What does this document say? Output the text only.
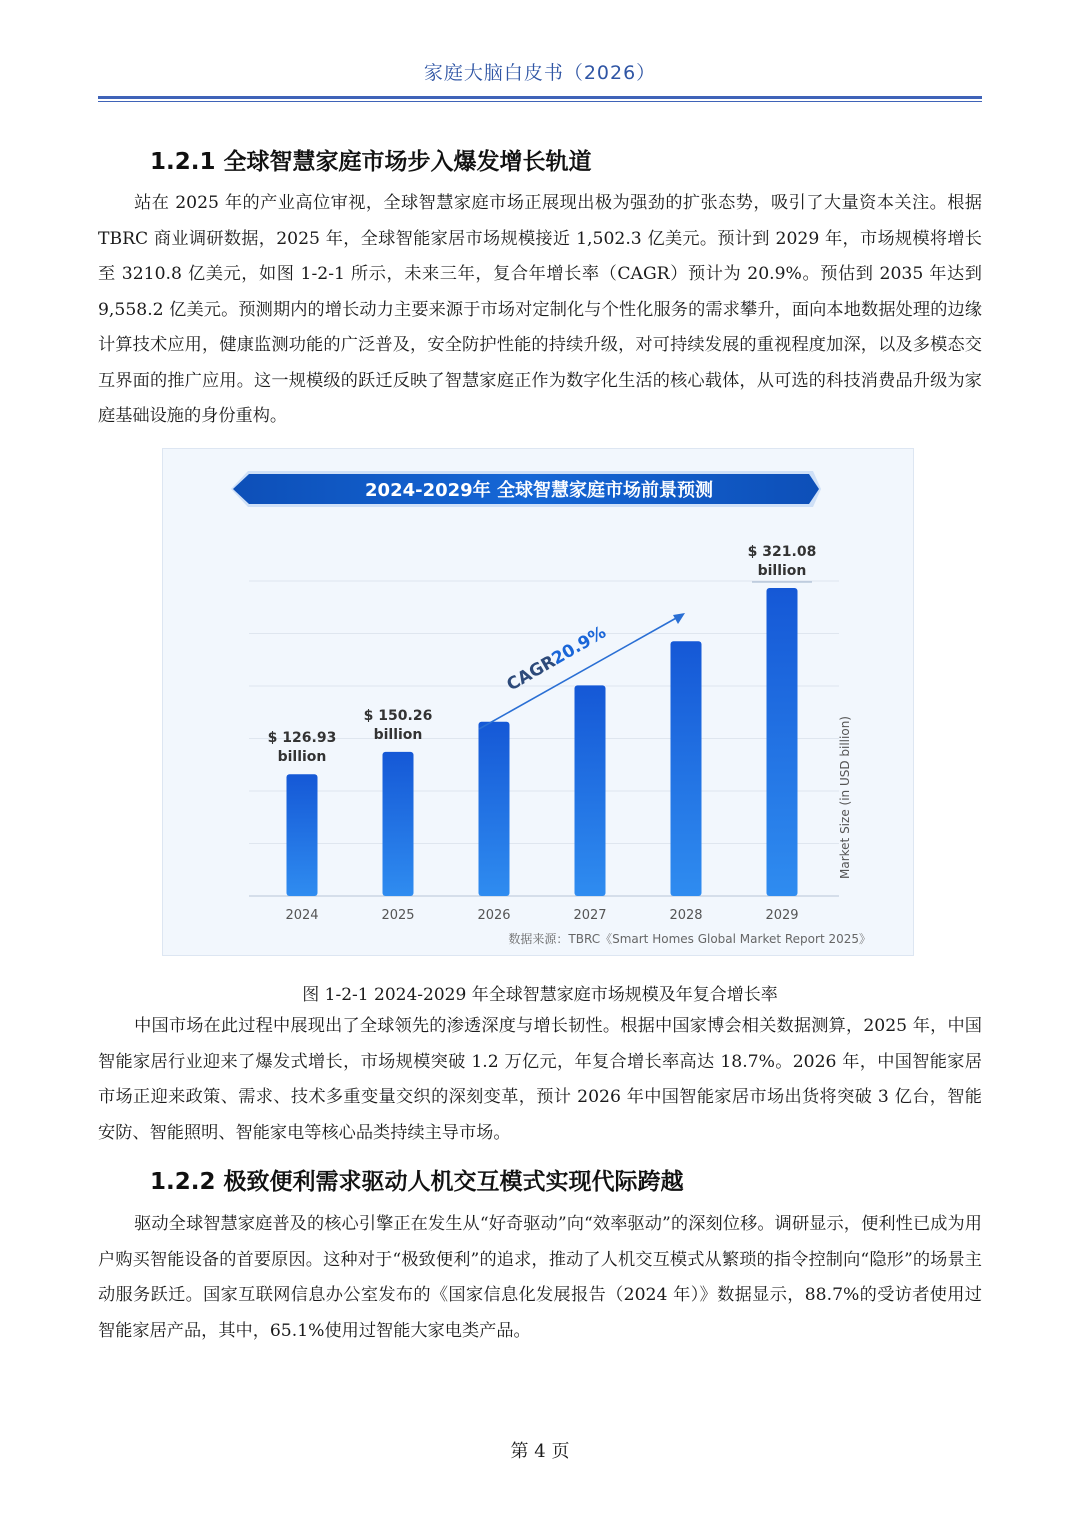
家庭大脑白皮书（2026）
1.2.1 全球智慧家庭市场步入爆发增长轨道

站在 2025 年的产业高位审视，全球智慧家庭市场正展现出极为强劲的扩张态势，吸引了大量资本关注。根据 TBRC 商业调研数据，2025 年，全球智能家居市场规模接近 1,502.3 亿美元。预计到 2029 年，市场规模将增长至 3210.8 亿美元，如图 1-2-1 所示，未来三年，复合年增长率（CAGR）预计为 20.9%。预估到 2035 年达到 9,558.2 亿美元。预测期内的增长动力主要来源于市场对定制化与个性化服务的需求攀升，面向本地数据处理的边缘计算技术应用，健康监测功能的广泛普及，安全防护性能的持续升级，对可持续发展的重视程度加深，以及多模态交互界面的推广应用。这一规模级的跃迁反映了智慧家庭正作为数字化生活的核心载体，从可选的科技消费品升级为家庭基础设施的身份重构。

2024-2029年 全球智慧家庭市场前景预测
2024	2025	2026	2027	2028	2029
$ 126.93
billion
$ 150.26
billion
$ 321.08
billion
CAGR
20.9%
Market Size (in USD billion)
数据来源：TBRC《Smart Homes Global Market Report 2025》
图 1-2-1 2024-2029 年全球智慧家庭市场规模及年复合增长率

中国市场在此过程中展现出了全球领先的渗透深度与增长韧性。根据中国家博会相关数据测算，2025 年，中国智能家居行业迎来了爆发式增长，市场规模突破 1.2 万亿元，年复合增长率高达 18.7%。2026 年，中国智能家居市场正迎来政策、需求、技术多重变量交织的深刻变革，预计 2026 年中国智能家居市场出货将突破 3 亿台，智能安防、智能照明、智能家电等核心品类持续主导市场。

1.2.2 极致便利需求驱动人机交互模式实现代际跨越

驱动全球智慧家庭普及的核心引擎正在发生从“好奇驱动”向“效率驱动”的深刻位移。调研显示，便利性已成为用户购买智能设备的首要原因。这种对于“极致便利”的追求，推动了人机交互模式从繁琐的指令控制向“隐形”的场景主动服务跃迁。国家互联网信息办公室发布的《国家信息化发展报告（2024 年）》数据显示，88.7%的受访者使用过智能家居产品，其中，65.1%使用过智能大家电类产品。

第 4 页
